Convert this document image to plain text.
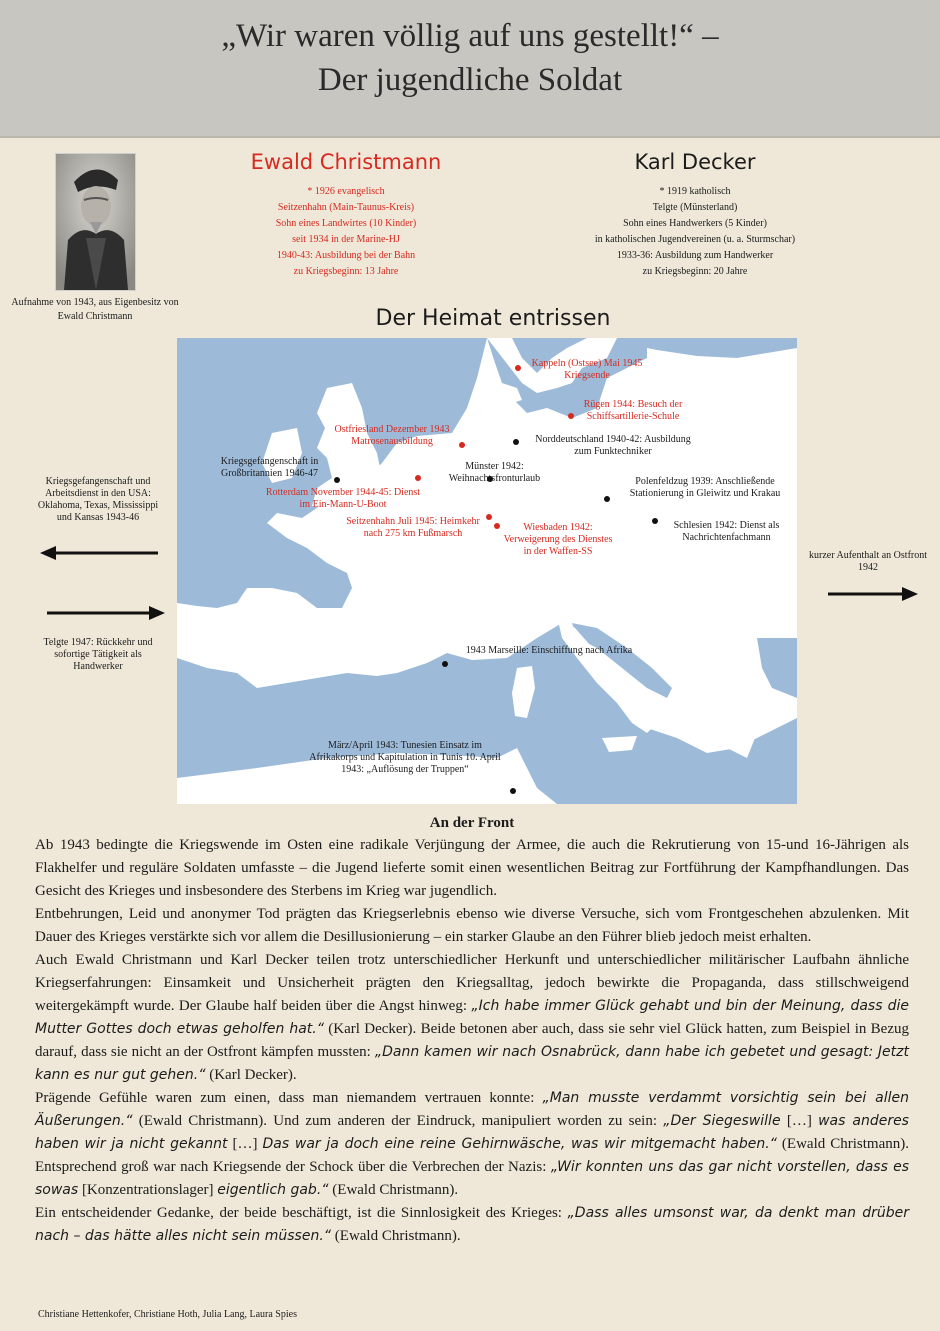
„Wir waren völlig auf uns gestellt!“ –
Der jugendliche Soldat
Aufnahme von 1943, aus Eigenbesitz von Ewald Christmann
Ewald Christmann
* 1926 evangelisch
Seitzenhahn (Main-Taunus-Kreis)
Sohn eines Landwirtes (10 Kinder)
seit 1934 in der Marine-HJ
1940-43: Ausbildung bei der Bahn
zu Kriegsbeginn: 13 Jahre
Karl Decker
* 1919 katholisch
Telgte (Münsterland)
Sohn eines Handwerkers (5 Kinder)
in katholischen Jugendvereinen (u. a. Sturmschar)
1933-36: Ausbildung zum Handwerker
zu Kriegsbeginn: 20 Jahre
Der Heimat entrissen
Kappeln (Ostsee) Mai 1945 Kriegsende
Rügen 1944: Besuch der Schiffsartillerie-Schule
Ostfriesland Dezember 1943 Matrosenausbildung	Norddeutschland 1940-42: Ausbildung zum Funktechniker
Kriegsgefangenschaft in Großbritannien 1946-47
Münster 1942: Weihnachtsfronturlaub	Polenfeldzug 1939: Anschließende Stationierung in Gleiwitz und Krakau
Rotterdam November 1944-45: Dienst im Ein-Mann-U-Boot
Seitzenhahn Juli 1945: Heimkehr nach 275 km Fußmarsch
Wiesbaden 1942: Verweigerung des Dienstes in der Waffen-SS
Schlesien 1942: Dienst als Nachrichtenfachmann
1943 Marseille: Einschiffung nach Afrika
März/April 1943: Tunesien Einsatz im Afrikakorps und Kapitulation in Tunis 10. April 1943: „Auflösung der Truppen“
Kriegsgefangenschaft und Arbeitsdienst in den USA: Oklahoma, Texas, Mississippi und Kansas 1943-46
Telgte 1947: Rückkehr und sofortige Tätigkeit als Handwerker
kurzer Aufenthalt an Ostfront 1942
An der Front

Ab 1943 bedingte die Kriegswende im Osten eine radikale Verjüngung der Armee, die auch die Rekrutierung von 15-und 16-Jährigen als Flakhelfer und reguläre Soldaten umfasste – die Jugend lieferte somit einen wesentlichen Beitrag zur Fortführung der Kampfhandlungen. Das Gesicht des Krieges und insbesondere des Sterbens im Krieg war jugendlich.

Entbehrungen, Leid und anonymer Tod prägten das Kriegserlebnis ebenso wie diverse Versuche, sich vom Frontgeschehen abzulenken. Mit Dauer des Krieges verstärkte sich vor allem die Desillusionierung – ein starker Glaube an den Führer blieb jedoch meist erhalten.

Auch Ewald Christmann und Karl Decker teilen trotz unterschiedlicher Herkunft und unterschiedlicher militärischer Laufbahn ähnliche Kriegserfahrungen: Einsamkeit und Unsicherheit prägten den Kriegsalltag, jedoch bewirkte die Propaganda, dass stillschweigend weitergekämpft wurde. Der Glaube half beiden über die Angst hinweg: „Ich habe immer Glück gehabt und bin der Meinung, dass die Mutter Gottes doch etwas geholfen hat.“ (Karl Decker). Beide betonen aber auch, dass sie sehr viel Glück hatten, zum Beispiel in Bezug darauf, dass sie nicht an der Ostfront kämpfen mussten: „Dann kamen wir nach Osnabrück, dann habe ich gebetet und gesagt: Jetzt kann es nur gut gehen.“ (Karl Decker).

Prägende Gefühle waren zum einen, dass man niemandem vertrauen konnte: „Man musste verdammt vorsichtig sein bei allen Äußerungen.“ (Ewald Christmann). Und zum anderen der Eindruck, manipuliert worden zu sein: „Der Siegeswille […] was anderes haben wir ja nicht gekannt […] Das war ja doch eine reine Gehirnwäsche, was wir mitgemacht haben.“ (Ewald Christmann). Entsprechend groß war nach Kriegsende der Schock über die Verbrechen der Nazis: „Wir konnten uns das gar nicht vorstellen, dass es sowas [Konzentrationslager] eigentlich gab.“ (Ewald Christmann).

Ein entscheidender Gedanke, der beide beschäftigt, ist die Sinnlosigkeit des Krieges: „Dass alles umsonst war, da denkt man drüber nach – das hätte alles nicht sein müssen.“ (Ewald Christmann).

Christiane Hettenkofer, Christiane Hoth, Julia Lang, Laura Spies
